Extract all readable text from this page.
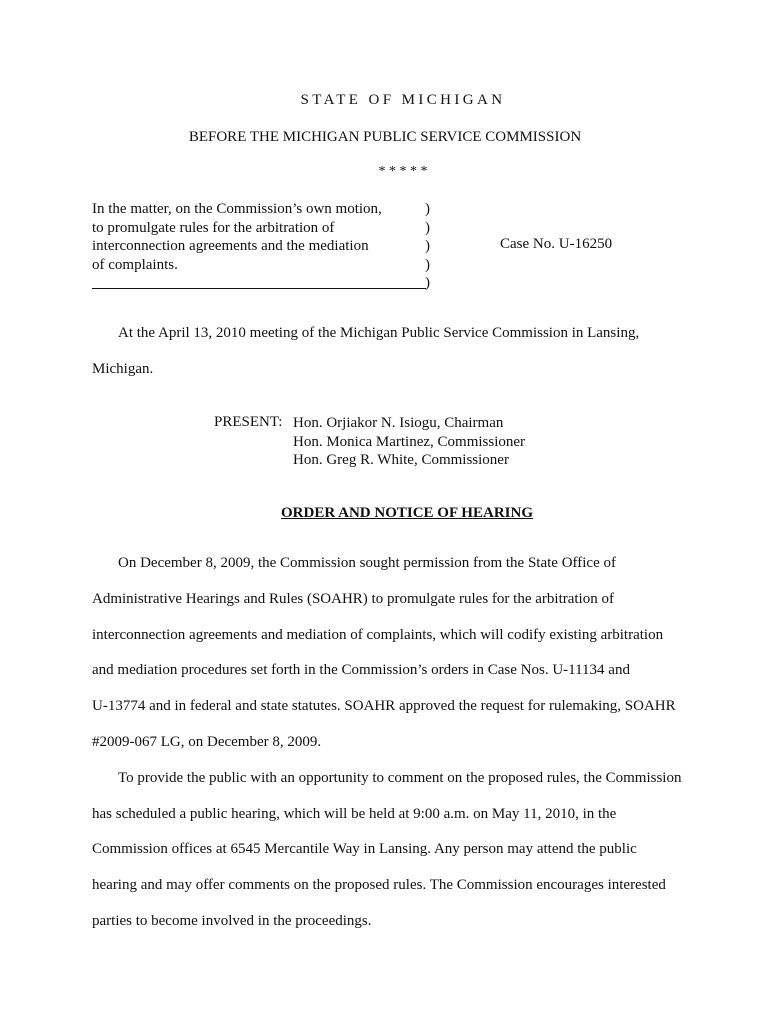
STATE OF MICHIGAN
BEFORE THE MICHIGAN PUBLIC SERVICE COMMISSION
* * * * *
In the matter, on the Commission’s own motion,
to promulgate rules for the arbitration of
interconnection agreements and the mediation
of complaints.
)
)
)
)
)
Case No. U-16250
At the April 13, 2010 meeting of the Michigan Public Service Commission in Lansing,
Michigan.
PRESENT: Hon. Orjiakor N. Isiogu, Chairman
Hon. Monica Martinez, Commissioner
Hon. Greg R. White, Commissioner
ORDER AND NOTICE OF HEARING
On December 8, 2009, the Commission sought permission from the State Office of
Administrative Hearings and Rules (SOAHR) to promulgate rules for the arbitration of
interconnection agreements and mediation of complaints, which will codify existing arbitration
and mediation procedures set forth in the Commission’s orders in Case Nos. U-11134 and
U-13774 and in federal and state statutes. SOAHR approved the request for rulemaking, SOAHR
#2009-067 LG, on December 8, 2009.
To provide the public with an opportunity to comment on the proposed rules, the Commission
has scheduled a public hearing, which will be held at 9:00 a.m. on May 11, 2010, in the
Commission offices at 6545 Mercantile Way in Lansing. Any person may attend the public
hearing and may offer comments on the proposed rules. The Commission encourages interested
parties to become involved in the proceedings.
